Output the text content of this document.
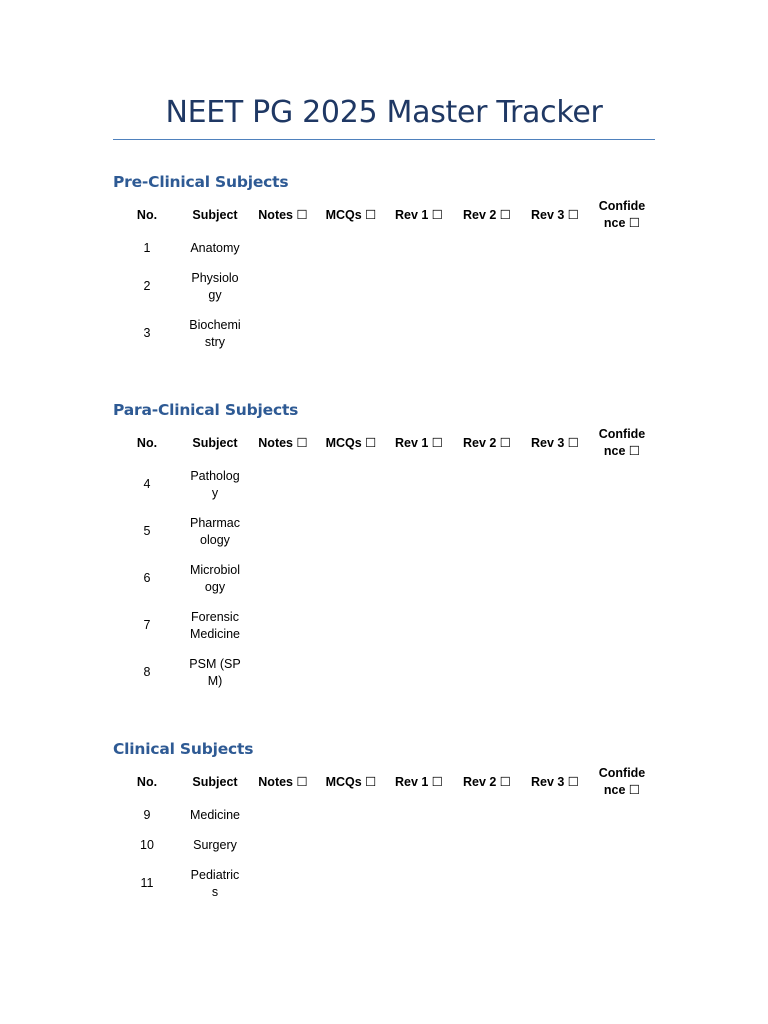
NEET PG 2025 Master Tracker
Pre-Clinical Subjects
No.	Subject	Notes ☐	MCQs ☐	Rev 1 ☐	Rev 2 ☐	Rev 3 ☐	Confidence ☐
1	Anatomy						
2	Physiology						
3	Biochemistry						
Para-Clinical Subjects
No.	Subject	Notes ☐	MCQs ☐	Rev 1 ☐	Rev 2 ☐	Rev 3 ☐	Confidence ☐
4	Pathology						
5	Pharmacology						
6	Microbiology						
7	Forensic Medicine						
8	PSM (SPM)						
Clinical Subjects
No.	Subject	Notes ☐	MCQs ☐	Rev 1 ☐	Rev 2 ☐	Rev 3 ☐	Confidence ☐
9	Medicine						
10	Surgery						
11	Pediatrics						
